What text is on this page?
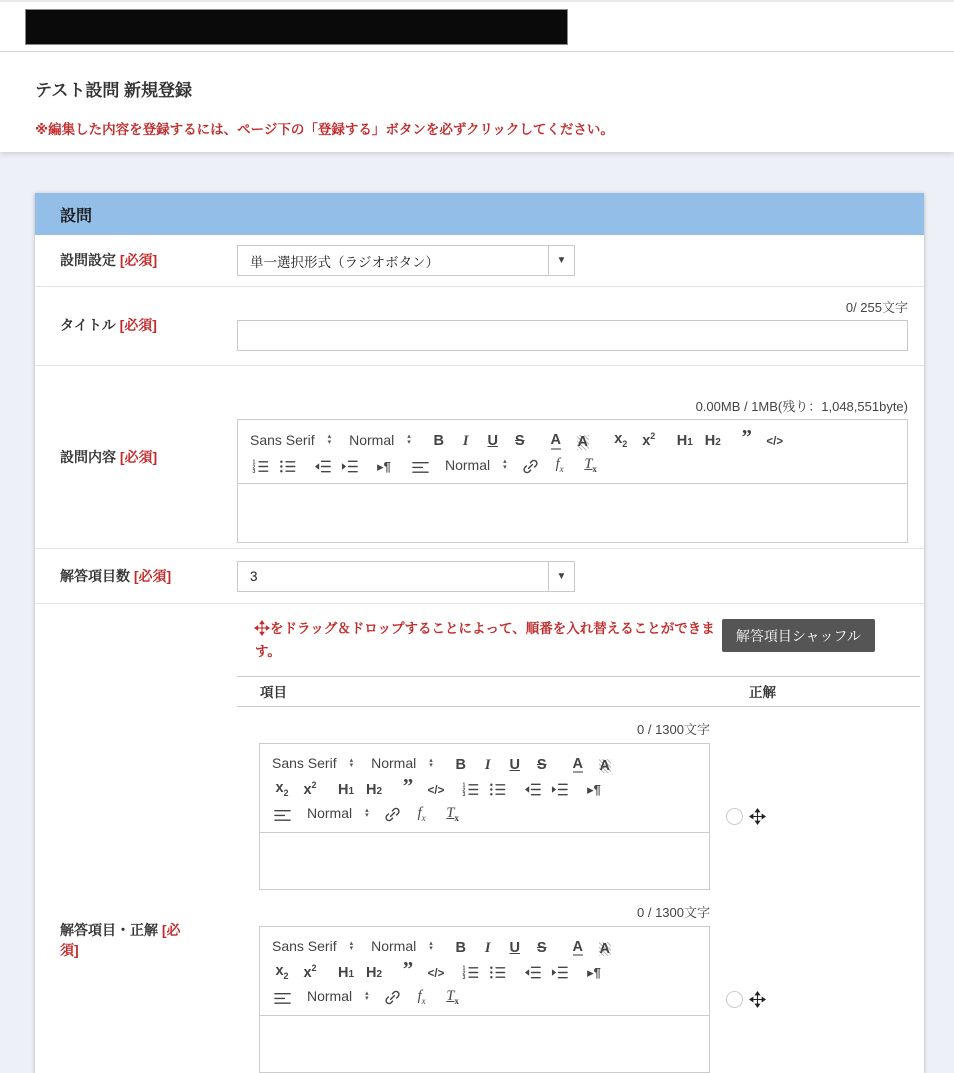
テスト設問 新規登録
※編集した内容を登録するには、ページ下の「登録する」ボタンを必ずクリックしてください。
設問
設問設定 [必須]	単一選択形式（ラジオボタン）	▼
タイトル [必須]
0/ 255文字
設問内容 [必須]
0.00MB / 1MB(残り：1,048,551byte)
Sans Serif ▴
▾ Normal ▴
▾ B I U S A A $x_2$ $x^2$ H1 H2 ” </>
1
2
3	▸¶	Normal ▴
▾	$f_x$ $T_x$
解答項目数 [必須]	3	▼
解答項目・正解 [必須]
をドラッグ＆ドロップすることによって、順番を入れ替えることができます。
解答項目シャッフル
項目	正解
0 / 1300文字
Sans Serif ▴
▾ Normal ▴
▾ B I U S A A
$x_2$ $x^2$ H1 H2 ” </>	1
2
3	▸¶
Normal ▴
▾	$f_x$ $T_x$
0 / 1300文字
Sans Serif ▴
▾ Normal ▴
▾ B I U S A A
$x_2$ $x^2$ H1 H2 ” </>	1
2
3	▸¶
Normal ▴
▾	$f_x$ $T_x$
